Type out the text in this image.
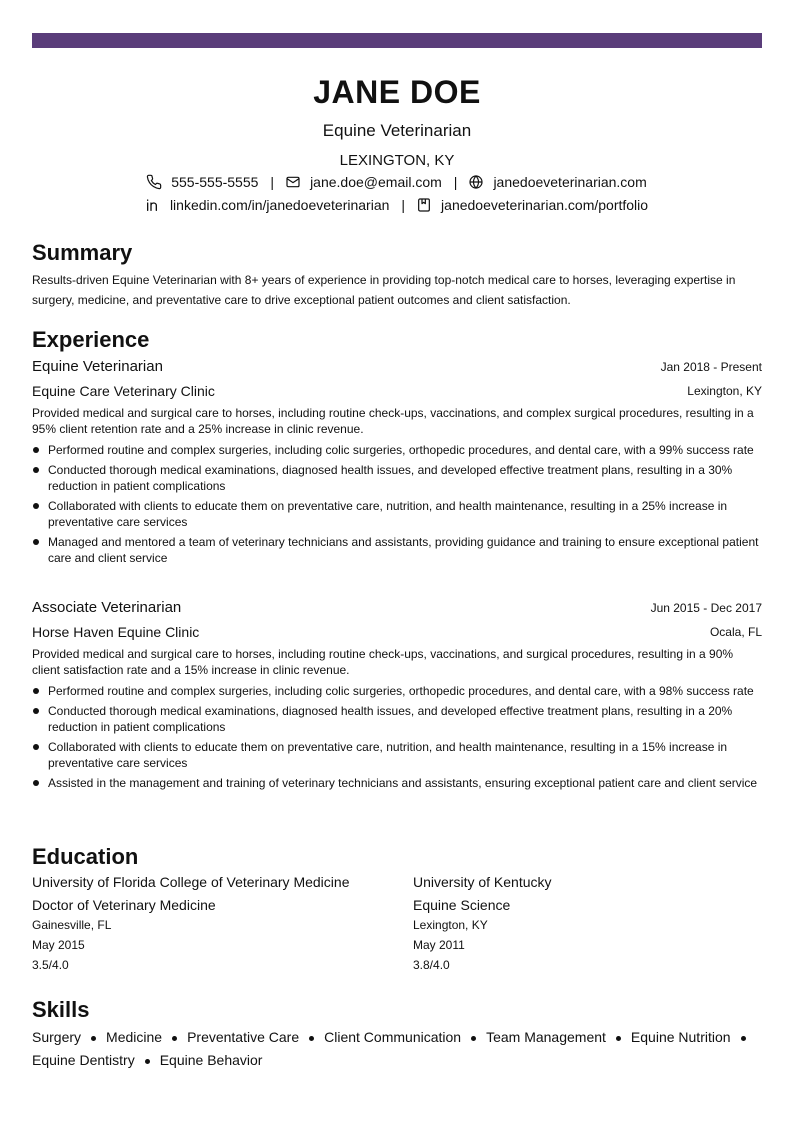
JANE DOE
Equine Veterinarian
LEXINGTON, KY
555-555-5555 |	jane.doe@email.com |	janedoeveterinarian.com
linkedin.com/in/janedoeveterinarian |	janedoeveterinarian.com/portfolio
Summary
Results-driven Equine Veterinarian with 8+ years of experience in providing top-notch medical care to horses, leveraging expertise in surgery, medicine, and preventative care to drive exceptional patient outcomes and client satisfaction.
Experience
Equine Veterinarian	Jan 2018 - Present
Equine Care Veterinary Clinic	Lexington, KY
Provided medical and surgical care to horses, including routine check-ups, vaccinations, and complex surgical procedures, resulting in a 95% client retention rate and a 25% increase in clinic revenue.
Performed routine and complex surgeries, including colic surgeries, orthopedic procedures, and dental care, with a 99% success rate
Conducted thorough medical examinations, diagnosed health issues, and developed effective treatment plans, resulting in a 30% reduction in patient complications
Collaborated with clients to educate them on preventative care, nutrition, and health maintenance, resulting in a 25% increase in preventative care services
Managed and mentored a team of veterinary technicians and assistants, providing guidance and training to ensure exceptional patient care and client service
Associate Veterinarian	Jun 2015 - Dec 2017
Horse Haven Equine Clinic	Ocala, FL
Provided medical and surgical care to horses, including routine check-ups, vaccinations, and surgical procedures, resulting in a 90% client satisfaction rate and a 15% increase in clinic revenue.
Performed routine and complex surgeries, including colic surgeries, orthopedic procedures, and dental care, with a 98% success rate
Conducted thorough medical examinations, diagnosed health issues, and developed effective treatment plans, resulting in a 20% reduction in patient complications
Collaborated with clients to educate them on preventative care, nutrition, and health maintenance, resulting in a 15% increase in preventative care services
Assisted in the management and training of veterinary technicians and assistants, ensuring exceptional patient care and client service
Education
University of Florida College of Veterinary Medicine
Doctor of Veterinary Medicine
Gainesville, FL
May 2015
3.5/4.0
University of Kentucky
Equine Science
Lexington, KY
May 2011
3.8/4.0
Skills
Surgery Medicine Preventative Care Client Communication Team Management Equine Nutrition
Equine Dentistry Equine Behavior
